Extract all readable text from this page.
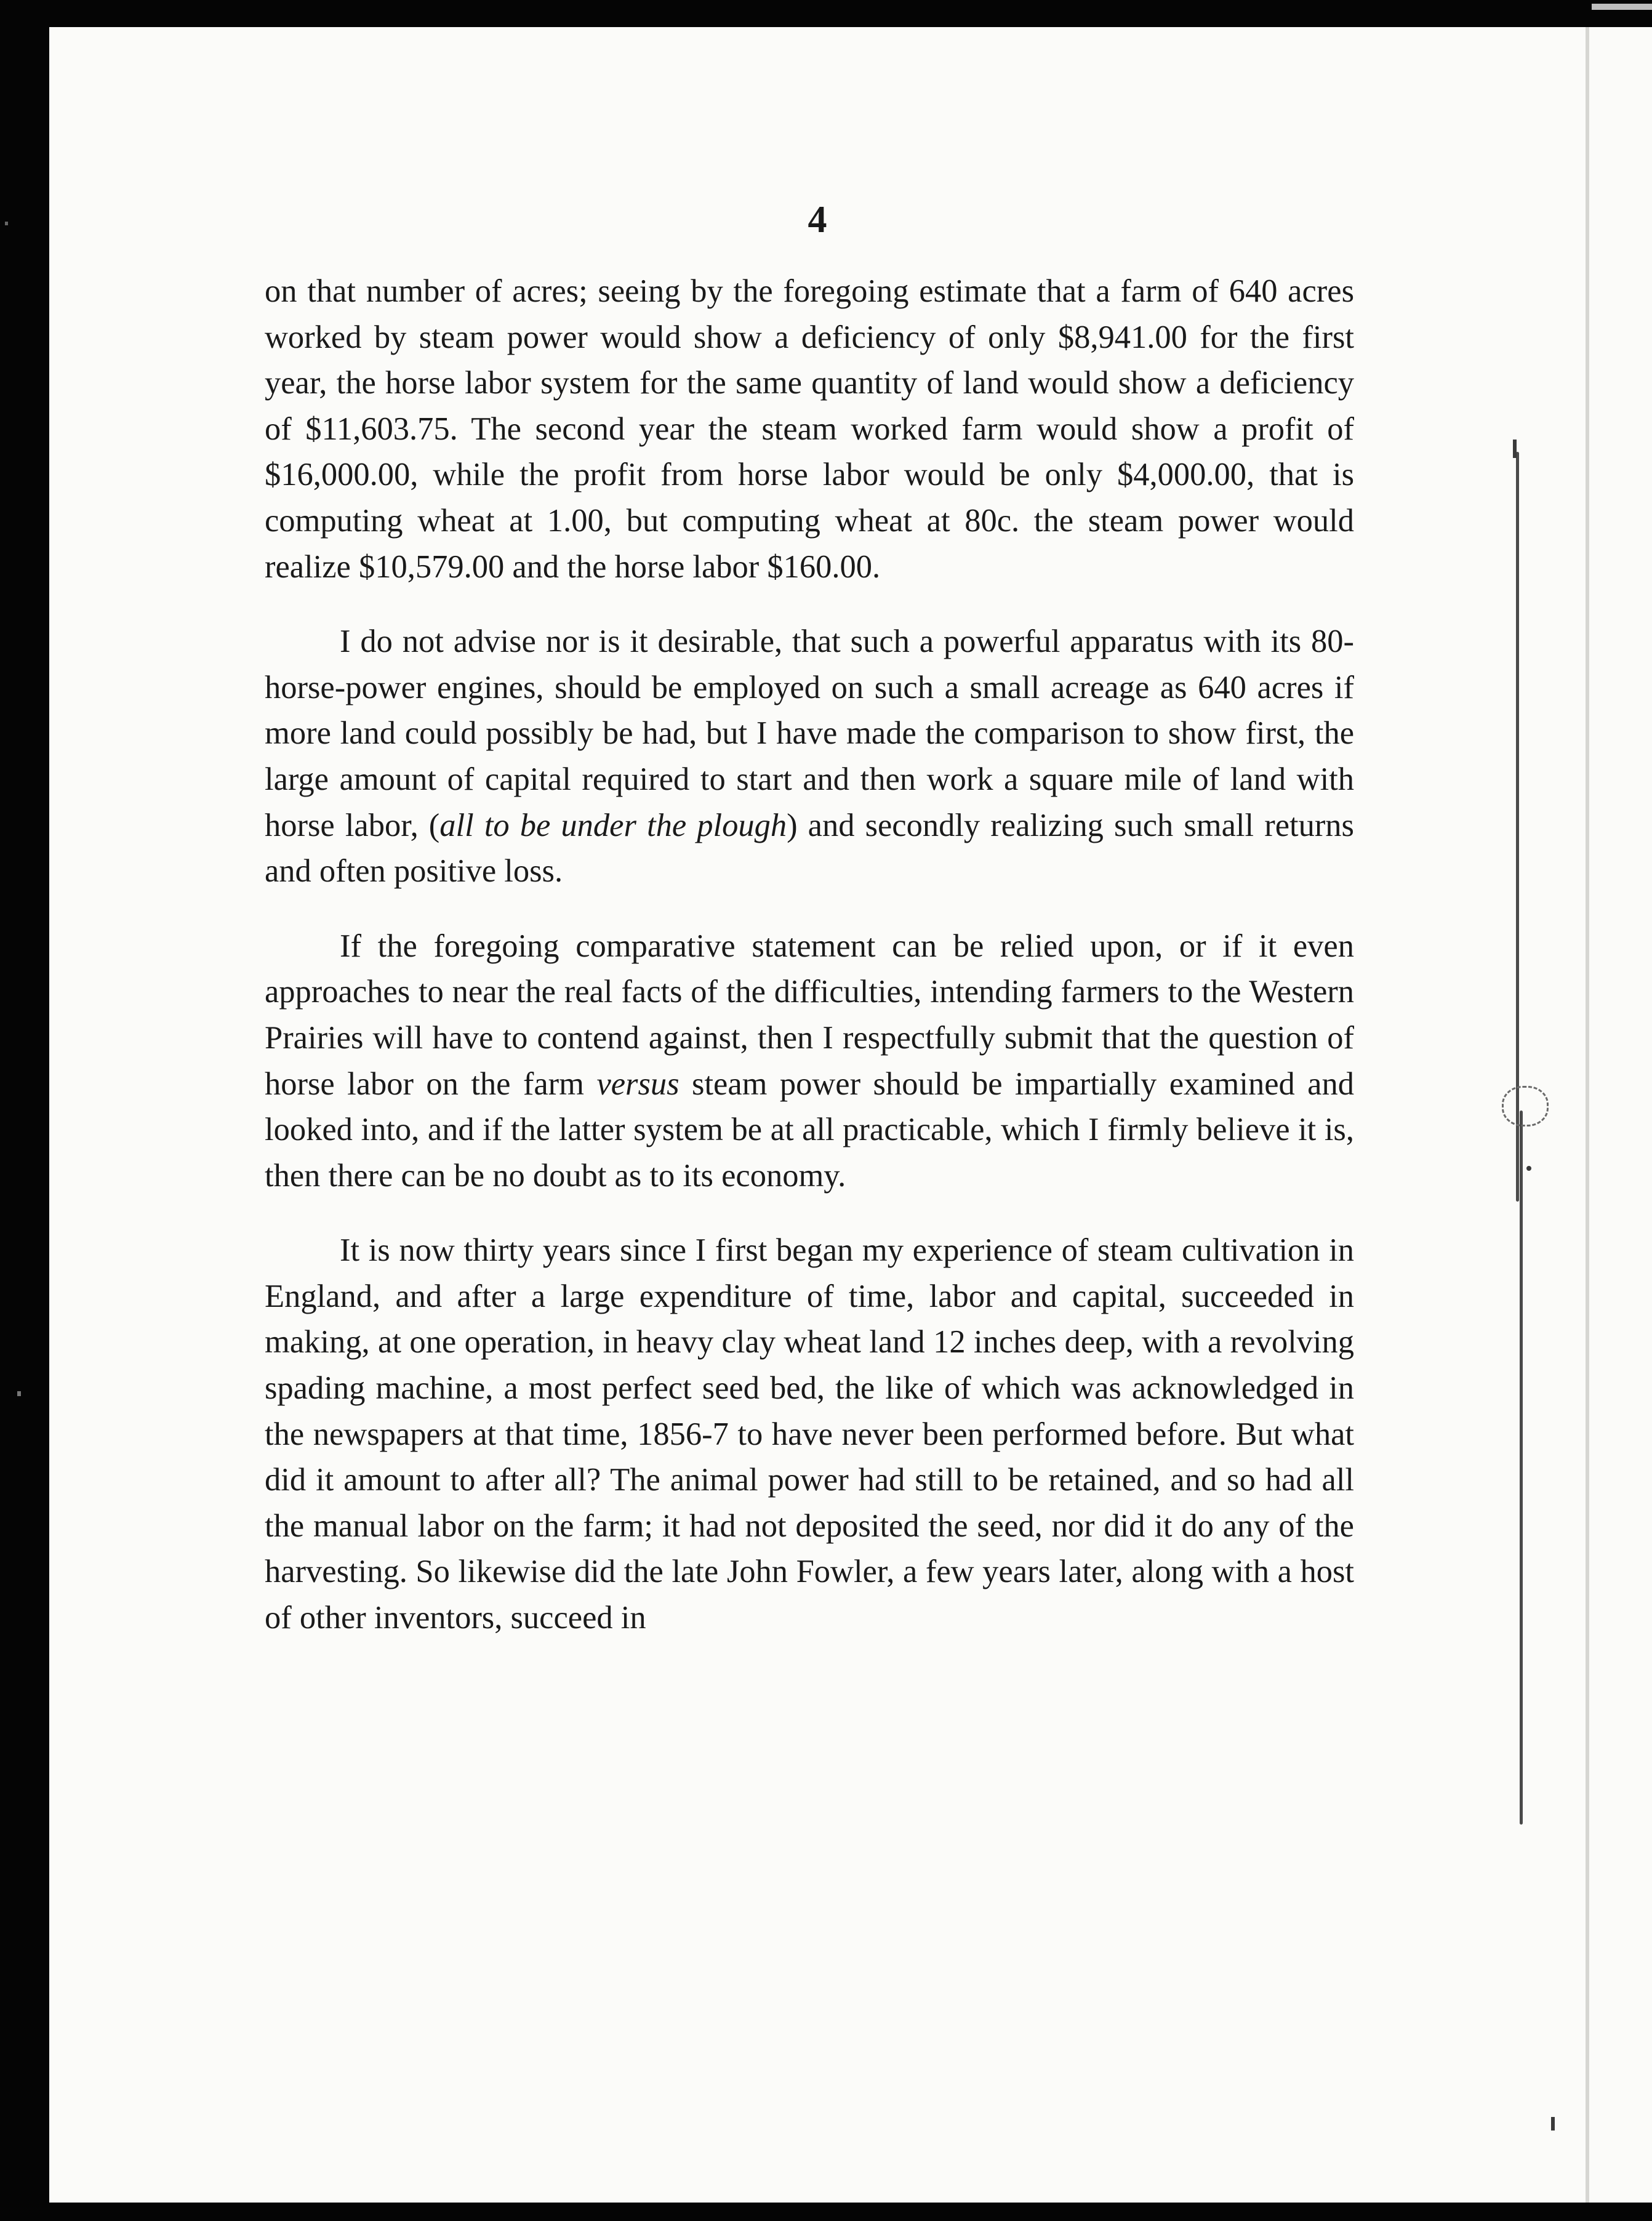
4

on that number of acres; seeing by the foregoing estimate that a farm of 640 acres worked by steam power would show a deficiency of only $8,941.00 for the first year, the horse labor system for the same quantity of land would show a deficiency of $11,603.75. The second year the steam worked farm would show a profit of $16,000.00, while the profit from horse labor would be only $4,000.00, that is computing wheat at 1.00, but computing wheat at 80c. the steam power would realize $10,579.00 and the horse labor $160.00.

I do not advise nor is it desirable, that such a powerful apparatus with its 80-horse-power engines, should be employed on such a small acreage as 640 acres if more land could possibly be had, but I have made the comparison to show first, the large amount of capital required to start and then work a square mile of land with horse labor, (all to be under the plough) and secondly realizing such small returns and often positive loss.

If the foregoing comparative statement can be relied upon, or if it even approaches to near the real facts of the difficulties, intending farmers to the Western Prairies will have to contend against, then I respectfully submit that the question of horse labor on the farm versus steam power should be impartially examined and looked into, and if the latter system be at all practicable, which I firmly believe it is, then there can be no doubt as to its economy.

It is now thirty years since I first began my experience of steam cultivation in England, and after a large expenditure of time, labor and capital, succeeded in making, at one operation, in heavy clay wheat land 12 inches deep, with a revolving spading machine, a most perfect seed bed, the like of which was acknowledged in the newspapers at that time, 1856-7 to have never been performed before. But what did it amount to after all? The animal power had still to be retained, and so had all the manual labor on the farm; it had not deposited the seed, nor did it do any of the harvesting. So likewise did the late John Fowler, a few years later, along with a host of other inventors, succeed in
